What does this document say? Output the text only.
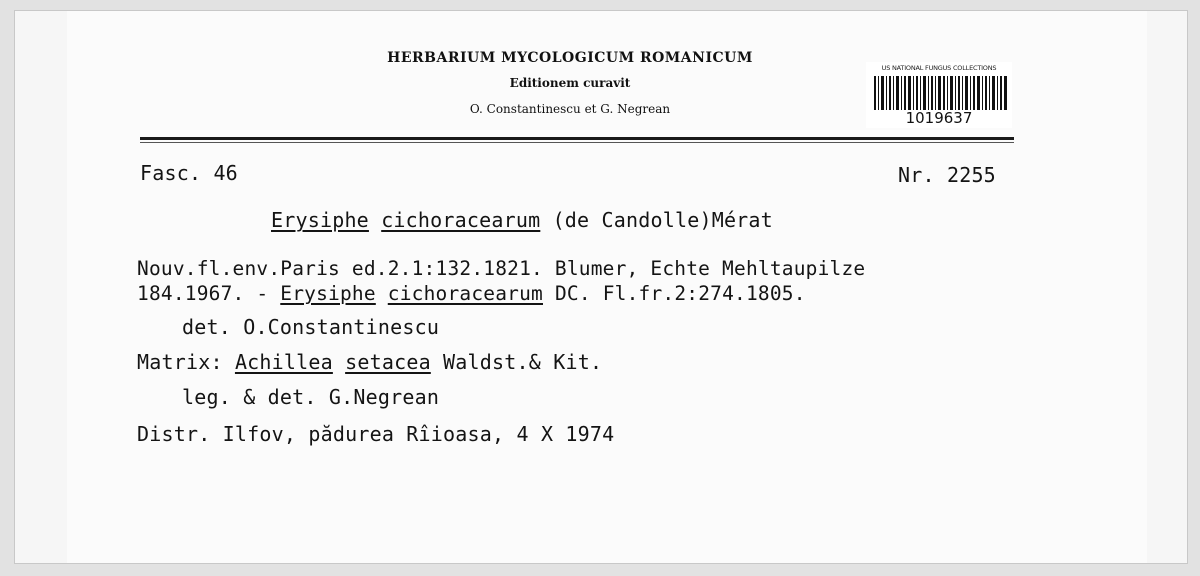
HERBARIUM MYCOLOGICUM ROMANICUM
Editionem curavit
O. Constantinescu et G. Negrean
US NATIONAL FUNGUS COLLECTIONS
1019637
Fasc. 46	Nr. 2255
Erysiphe cichoracearum (de Candolle)Mérat
Nouv.fl.env.Paris ed.2.1:132.1821. Blumer, Echte Mehltaupilze
184.1967. - Erysiphe cichoracearum DC. Fl.fr.2:274.1805.
det. O.Constantinescu
Matrix: Achillea setacea Waldst.& Kit.
leg. & det. G.Negrean
Distr. Ilfov, pădurea Rîioasa, 4 X 1974
